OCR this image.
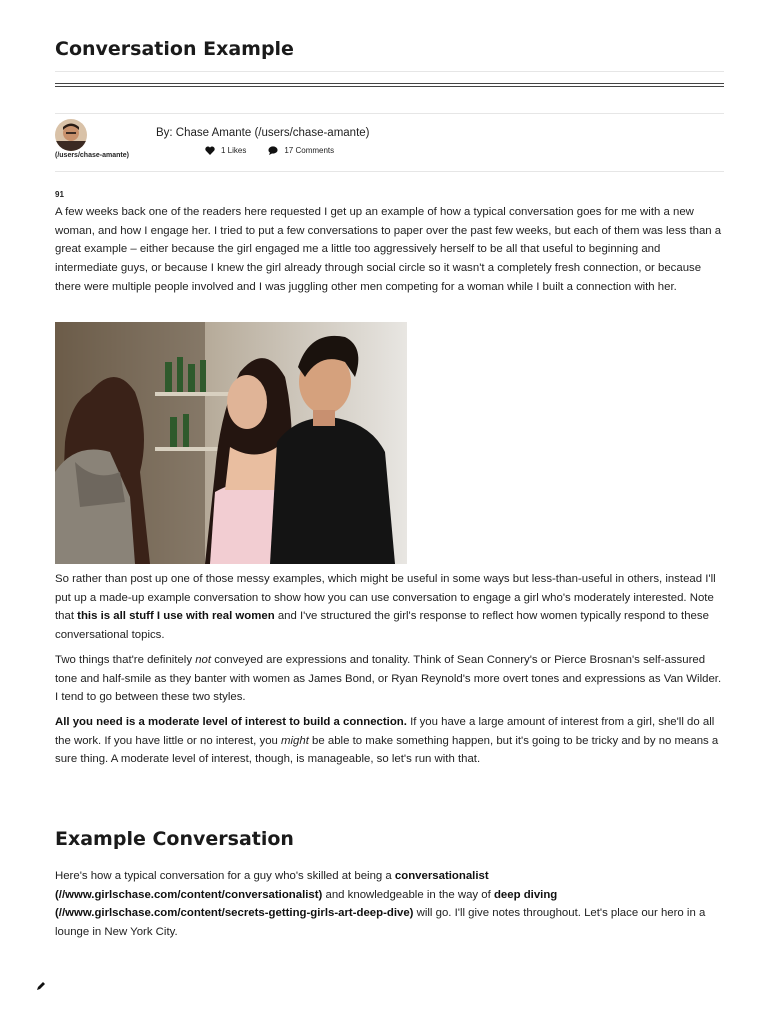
Conversation Example
(/users/chase-amante)
By: Chase Amante (/users/chase-amante)
1 Likes	17 Comments
91

A few weeks back one of the readers here requested I get up an example of how a typical conversation goes for me with a new woman, and how I engage her. I tried to put a few conversations to paper over the past few weeks, but each of them was less than a great example – either because the girl engaged me a little too aggressively herself to be all that useful to beginning and intermediate guys, or because I knew the girl already through social circle so it wasn't a completely fresh connection, or because there were multiple people involved and I was juggling other men competing for a woman while I built a connection with her.

So rather than post up one of those messy examples, which might be useful in some ways but less-than-useful in others, instead I'll put up a made-up example conversation to show how you can use conversation to engage a girl who's moderately interested. Note that this is all stuff I use with real women and I've structured the girl's response to reflect how women typically respond to these conversational topics.

Two things that're definitely not conveyed are expressions and tonality. Think of Sean Connery's or Pierce Brosnan's self-assured tone and half-smile as they banter with women as James Bond, or Ryan Reynold's more overt tones and expressions as Van Wilder. I tend to go between these two styles.

All you need is a moderate level of interest to build a connection. If you have a large amount of interest from a girl, she'll do all the work. If you have little or no interest, you might be able to make something happen, but it's going to be tricky and by no means a sure thing. A moderate level of interest, though, is manageable, so let's run with that.

Example Conversation

Here's how a typical conversation for a guy who's skilled at being a conversationalist (//www.girlschase.com/content/conversationalist) and knowledgeable in the way of deep diving (//www.girlschase.com/content/secrets-getting-girls-art-deep-dive) will go. I'll give notes throughout. Let's place our hero in a lounge in New York City.
